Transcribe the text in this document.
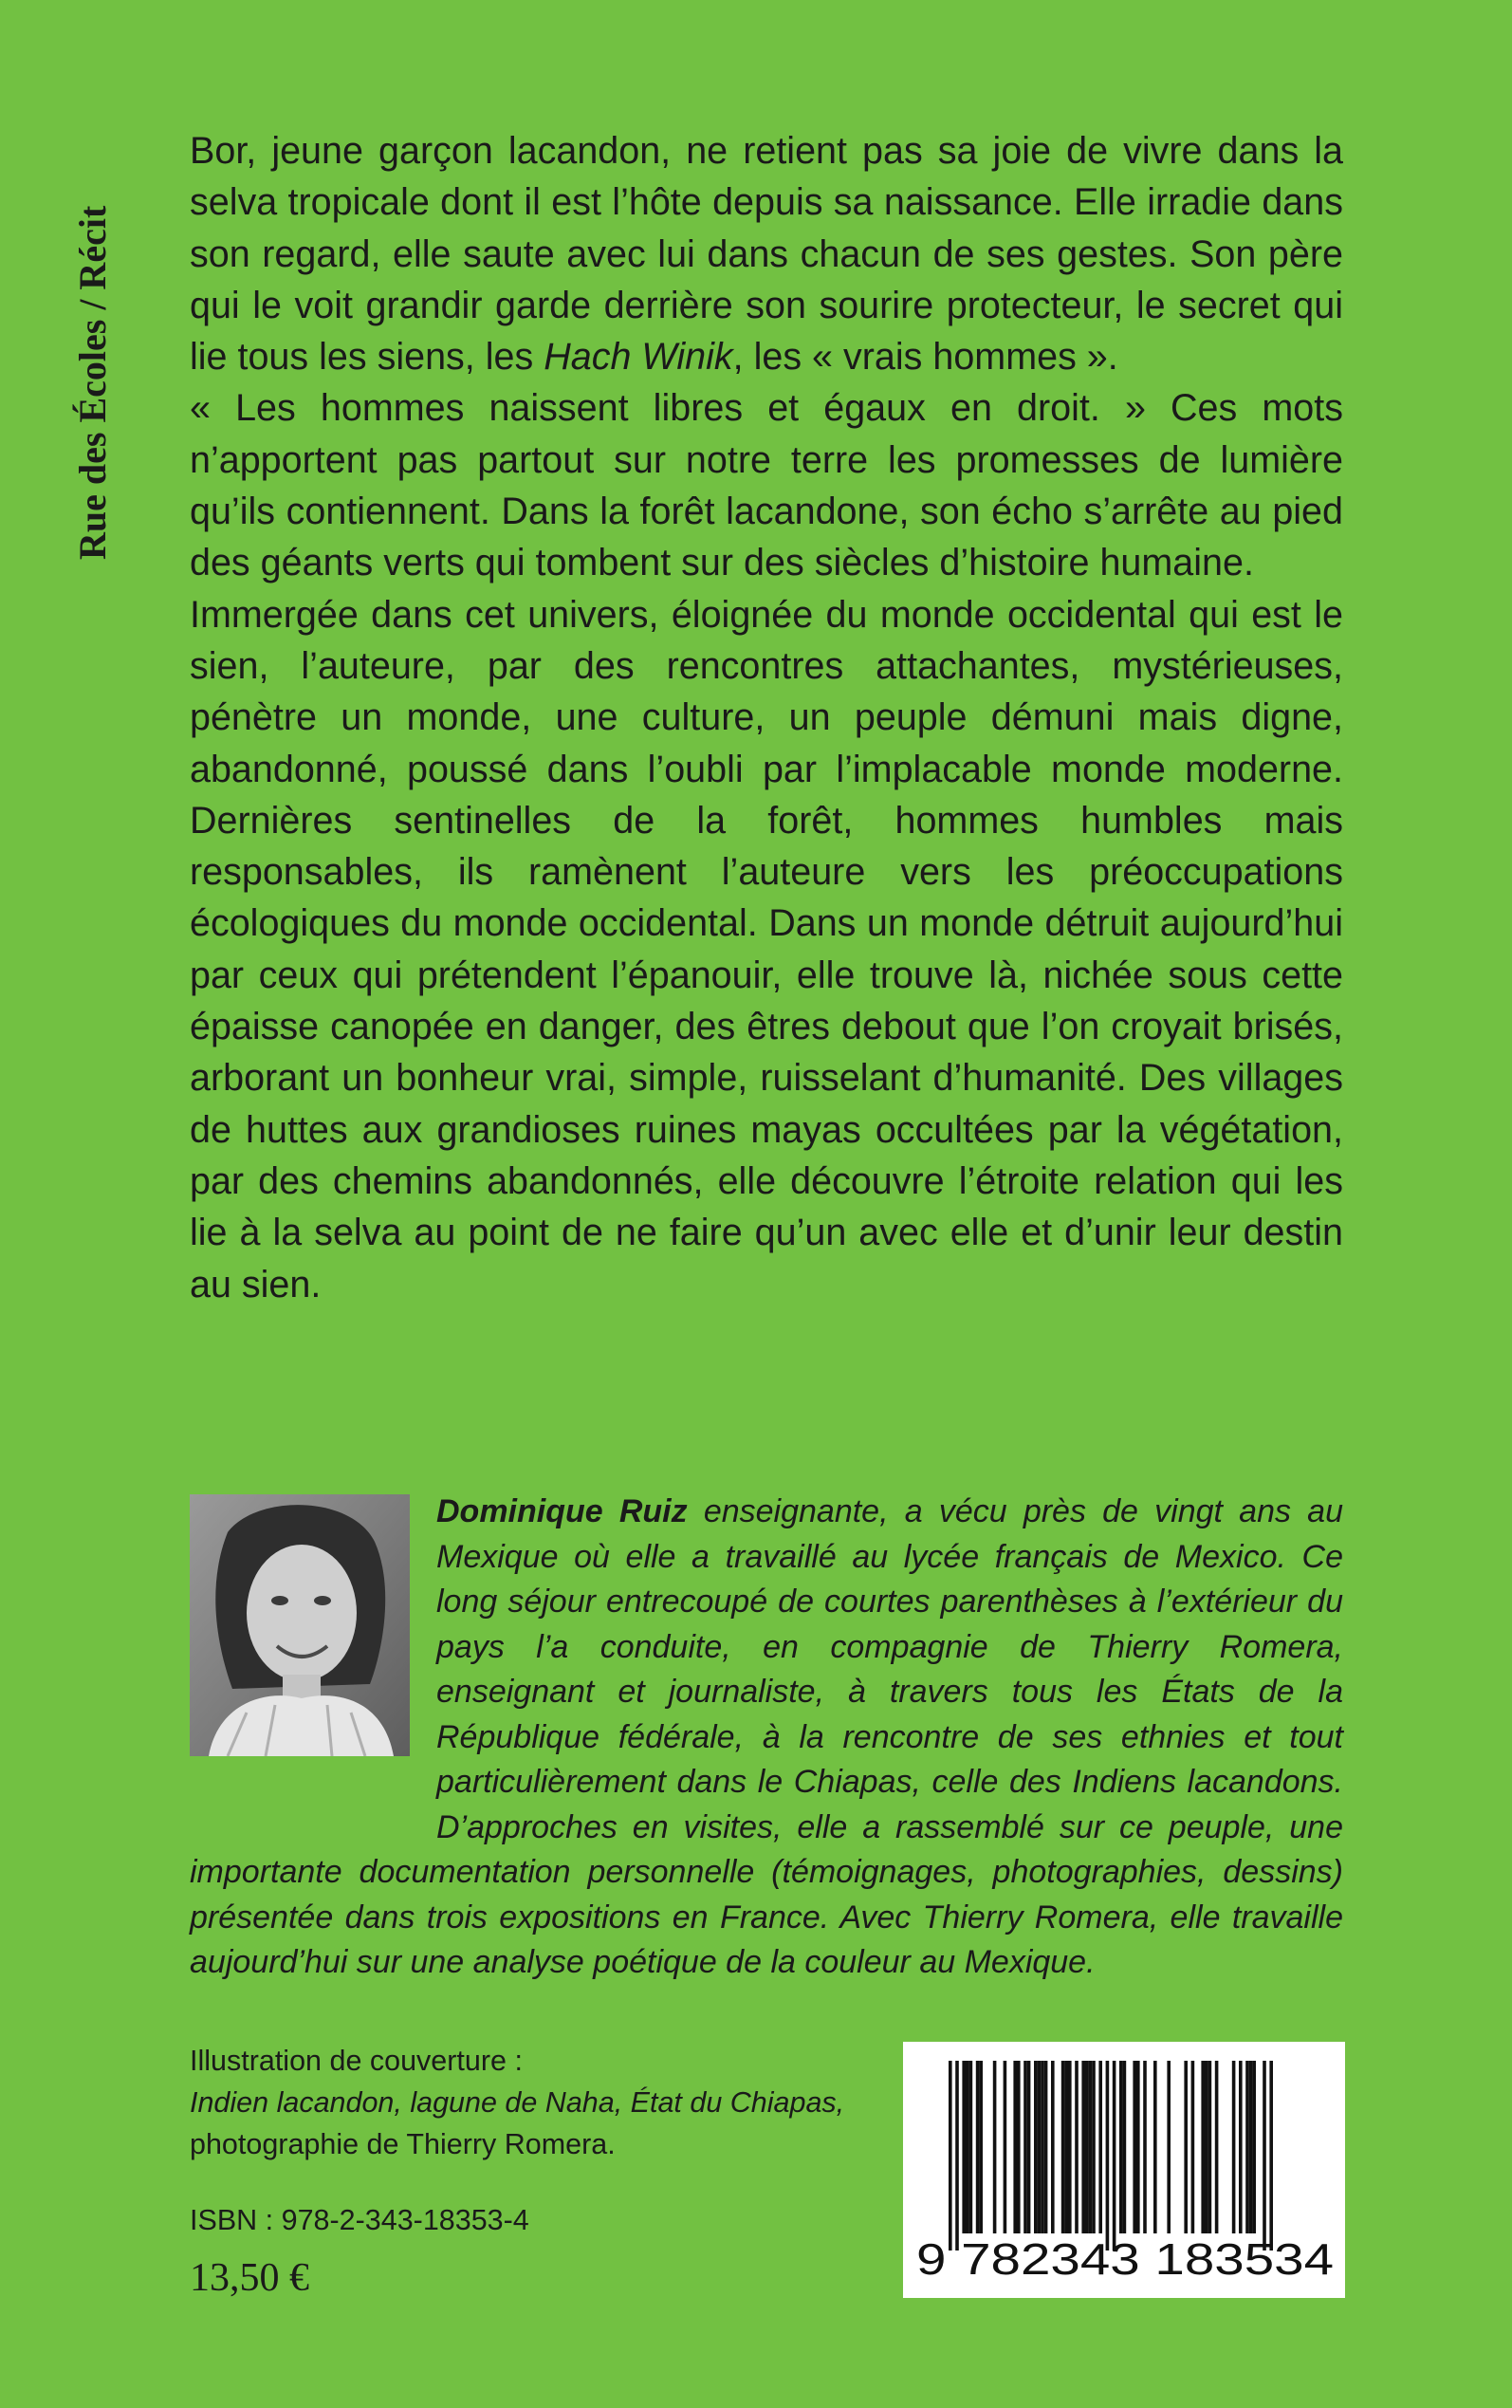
Rue des Écoles / Récit

Bor, jeune garçon lacandon, ne retient pas sa joie de vivre dans la selva tropicale dont il est l’hôte depuis sa naissance. Elle irradie dans son regard, elle saute avec lui dans chacun de ses gestes. Son père qui le voit grandir garde derrière son sourire protecteur, le secret qui lie tous les siens, les Hach Winik, les « vrais hommes ».

« Les hommes naissent libres et égaux en droit. » Ces mots n’apportent pas partout sur notre terre les promesses de lumière qu’ils contiennent. Dans la forêt lacandone, son écho s’arrête au pied des géants verts qui tombent sur des siècles d’histoire humaine.

Immergée dans cet univers, éloignée du monde occidental qui est le sien, l’auteure, par des rencontres attachantes, mystérieuses, pénètre un monde, une culture, un peuple démuni mais digne, abandonné, poussé dans l’oubli par l’implacable monde moderne. Dernières sentinelles de la forêt, hommes humbles mais responsables, ils ramènent l’auteure vers les préoccupations écologiques du monde occidental. Dans un monde détruit aujourd’hui par ceux qui prétendent l’épanouir, elle trouve là, nichée sous cette épaisse canopée en danger, des êtres debout que l’on croyait brisés, arborant un bonheur vrai, simple, ruisselant d’humanité. Des villages de huttes aux grandioses ruines mayas occultées par la végétation, par des chemins abandonnés, elle découvre l’étroite relation qui les lie à la selva au point de ne faire qu’un avec elle et d’unir leur destin au sien.

Dominique Ruiz enseignante, a vécu près de vingt ans au Mexique où elle a travaillé au lycée français de Mexico. Ce long séjour entrecoupé de courtes parenthèses à l’extérieur du pays l’a conduite, en compagnie de Thierry Romera, enseignant et journaliste, à travers tous les États de la République fédérale, à la rencontre de ses ethnies et tout particulièrement dans le Chiapas, celle des Indiens lacandons. D’approches en visites, elle a rassemblé sur ce peuple, une importante documentation personnelle (témoignages, photographies, dessins) présentée dans trois expositions en France. Avec Thierry Romera, elle travaille aujourd’hui sur une analyse poétique de la couleur au Mexique.
Illustration de couverture :
Indien lacandon, lagune de Naha, État du Chiapas,
photographie de Thierry Romera.
ISBN : 978-2-343-18353-4
13,50 €	9 782343 183534
